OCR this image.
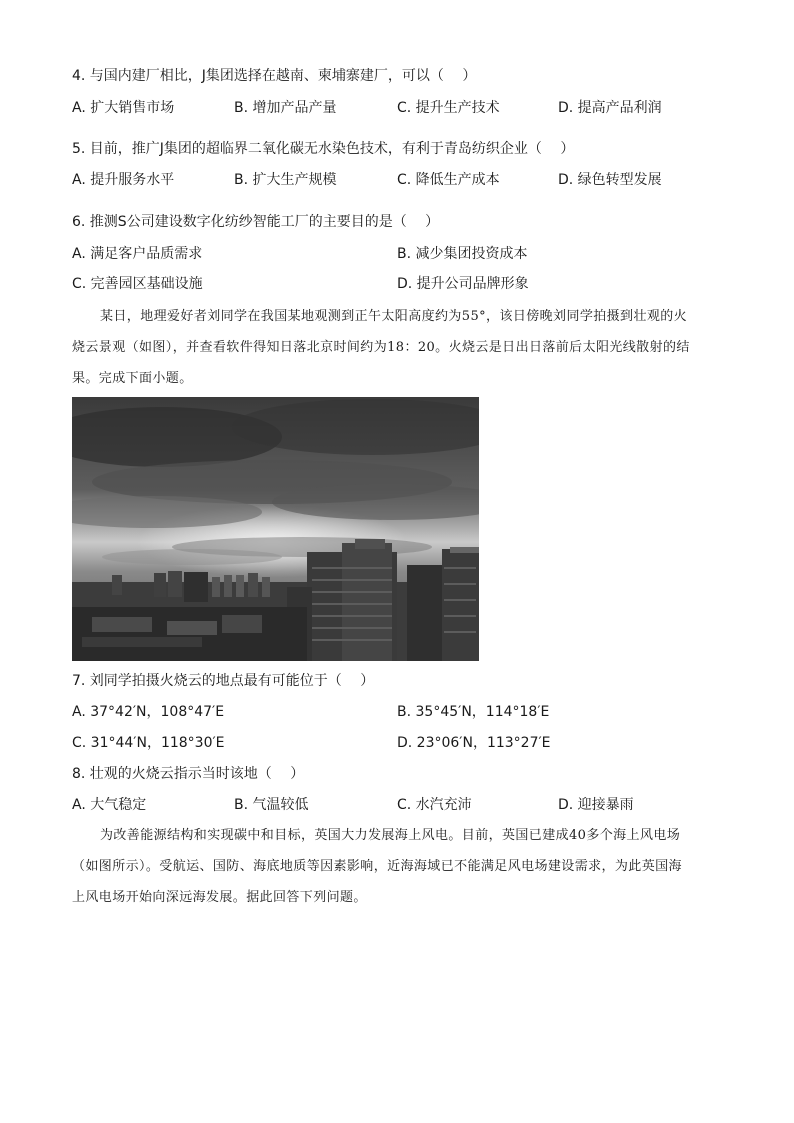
4. 与国内建厂相比，J集团选择在越南、柬埔寨建厂，可以（　 ）
A. 扩大销售市场	B. 增加产品产量	C. 提升生产技术	D. 提高产品利润
5. 目前，推广J集团的超临界二氧化碳无水染色技术，有利于青岛纺织企业（　 ）
A. 提升服务水平	B. 扩大生产规模	C. 降低生产成本	D. 绿色转型发展
6. 推测S公司建设数字化纺纱智能工厂的主要目的是（　 ）
A. 满足客户品质需求	B. 减少集团投资成本
C. 完善园区基础设施	D. 提升公司品牌形象
某日，地理爱好者刘同学在我国某地观测到正午太阳高度约为55°，该日傍晚刘同学拍摄到壮观的火
烧云景观（如图），并查看软件得知日落北京时间约为18：20。火烧云是日出日落前后太阳光线散射的结
果。完成下面小题。
7. 刘同学拍摄火烧云的地点最有可能位于（　 ）
A. 37°42′N，108°47′E	B. 35°45′N，114°18′E
C. 31°44′N，118°30′E	D. 23°06′N，113°27′E
8. 壮观的火烧云指示当时该地（　 ）
A. 大气稳定	B. 气温较低	C. 水汽充沛	D. 迎接暴雨
为改善能源结构和实现碳中和目标，英国大力发展海上风电。目前，英国已建成40多个海上风电场
（如图所示）。受航运、国防、海底地质等因素影响，近海海域已不能满足风电场建设需求，为此英国海
上风电场开始向深远海发展。据此回答下列问题。
